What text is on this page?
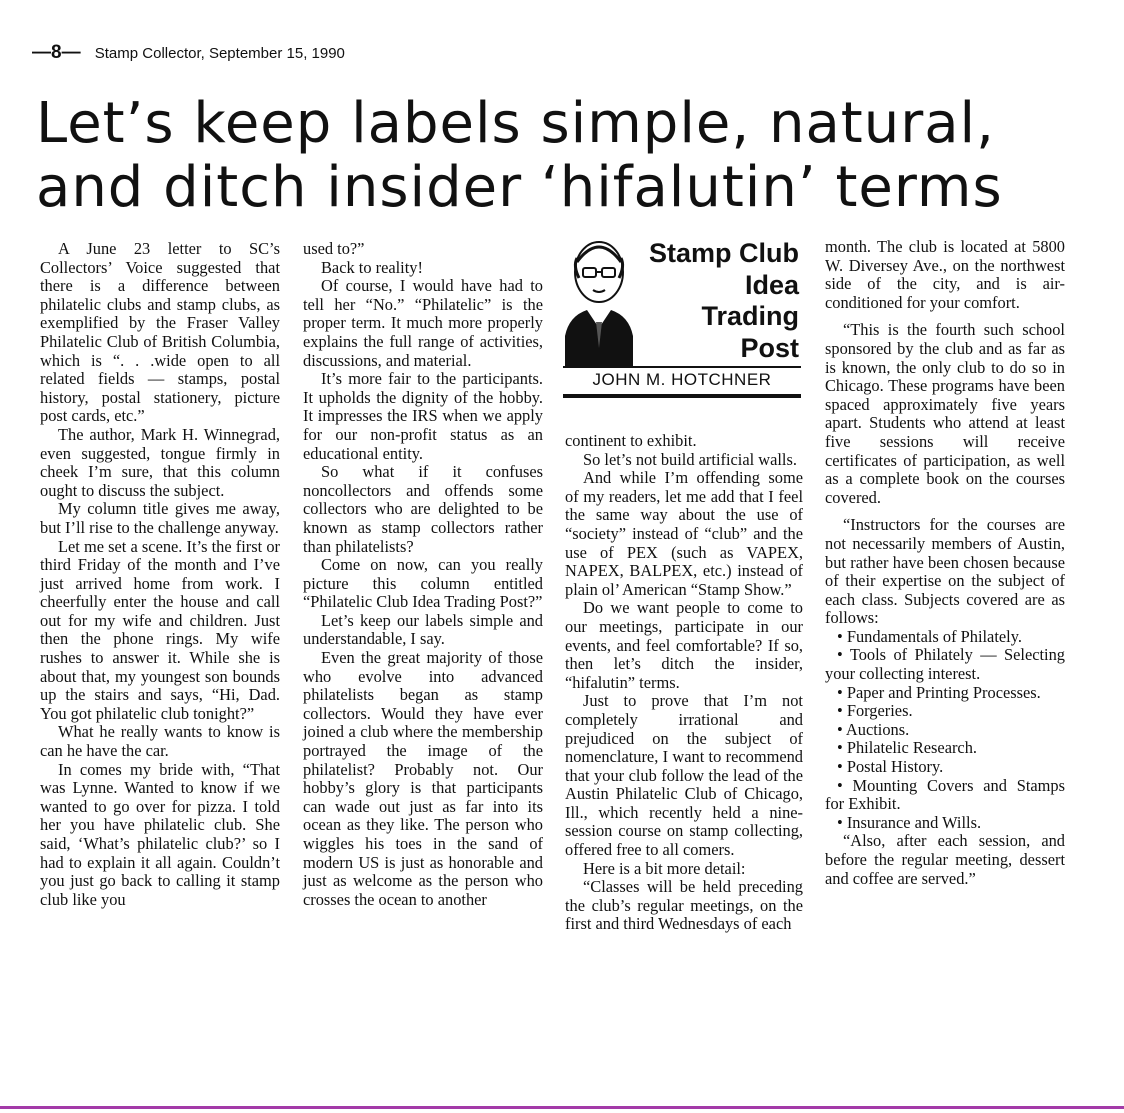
—8— Stamp Collector, September 15, 1990
Let’s keep labels simple, natural,
and ditch insider ‘hifalutin’ terms

A June 23 letter to SC’s Collectors’ Voice suggested that there is a difference between philatelic clubs and stamp clubs, as exemplified by the Fraser Valley Philatelic Club of British Columbia, which is “. . .wide open to all related fields — stamps, postal history, postal stationery, picture post cards, etc.”

The author, Mark H. Winnegrad, even suggested, tongue firmly in cheek I’m sure, that this column ought to discuss the subject.

My column title gives me away, but I’ll rise to the challenge anyway.

Let me set a scene. It’s the first or third Friday of the month and I’ve just arrived home from work. I cheerfully enter the house and call out for my wife and children. Just then the phone rings. My wife rushes to answer it. While she is about that, my youngest son bounds up the stairs and says, “Hi, Dad. You got philatelic club tonight?”

What he really wants to know is can he have the car.

In comes my bride with, “That was Lynne. Wanted to know if we wanted to go over for pizza. I told her you have philatelic club. She said, ‘What’s philatelic club?’ so I had to explain it all again. Couldn’t you just go back to calling it stamp club like you

used to?”

Back to reality!

Of course, I would have had to tell her “No.” “Philatelic” is the proper term. It much more properly explains the full range of activities, discussions, and material.

It’s more fair to the participants. It upholds the dignity of the hobby. It impresses the IRS when we apply for our non-profit status as an educational entity.

So what if it confuses noncollectors and offends some collectors who are delighted to be known as stamp collectors rather than philatelists?

Come on now, can you really picture this column entitled “Philatelic Club Idea Trading Post?”

Let’s keep our labels simple and understandable, I say.

Even the great majority of those who evolve into advanced philatelists began as stamp collectors. Would they have ever joined a club where the membership portrayed the image of the philatelist? Probably not. Our hobby’s glory is that participants can wade out just as far into its ocean as they like. The person who wiggles his toes in the sand of modern US is just as honorable and just as welcome as the person who crosses the ocean to another

Stamp Club
Idea
Trading
Post
JOHN M. HOTCHNER

continent to exhibit.

So let’s not build artificial walls.

And while I’m offending some of my readers, let me add that I feel the same way about the use of “society” instead of “club” and the use of PEX (such as VAPEX, NAPEX, BALPEX, etc.) instead of plain ol’ American “Stamp Show.”

Do we want people to come to our meetings, participate in our events, and feel comfortable? If so, then let’s ditch the insider, “hifalutin” terms.

Just to prove that I’m not completely irrational and prejudiced on the subject of nomenclature, I want to recommend that your club follow the lead of the Austin Philatelic Club of Chicago, Ill., which recently held a nine-session course on stamp collecting, offered free to all comers.

Here is a bit more detail:

“Classes will be held preceding the club’s regular meetings, on the first and third Wednesdays of each

month. The club is located at 5800 W. Diversey Ave., on the northwest side of the city, and is air-conditioned for your comfort.

“This is the fourth such school sponsored by the club and as far as is known, the only club to do so in Chicago. These programs have been spaced approximately five years apart. Students who attend at least five sessions will receive certificates of participation, as well as a complete book on the courses covered.

“Instructors for the courses are not necessarily members of Austin, but rather have been chosen because of their expertise on the subject of each class. Subjects covered are as follows:

• Fundamentals of Philately.

• Tools of Philately — Selecting your collecting interest.

• Paper and Printing Processes.

• Forgeries.

• Auctions.

• Philatelic Research.

• Postal History.

• Mounting Covers and Stamps for Exhibit.

• Insurance and Wills.

“Also, after each session, and before the regular meeting, dessert and coffee are served.”
